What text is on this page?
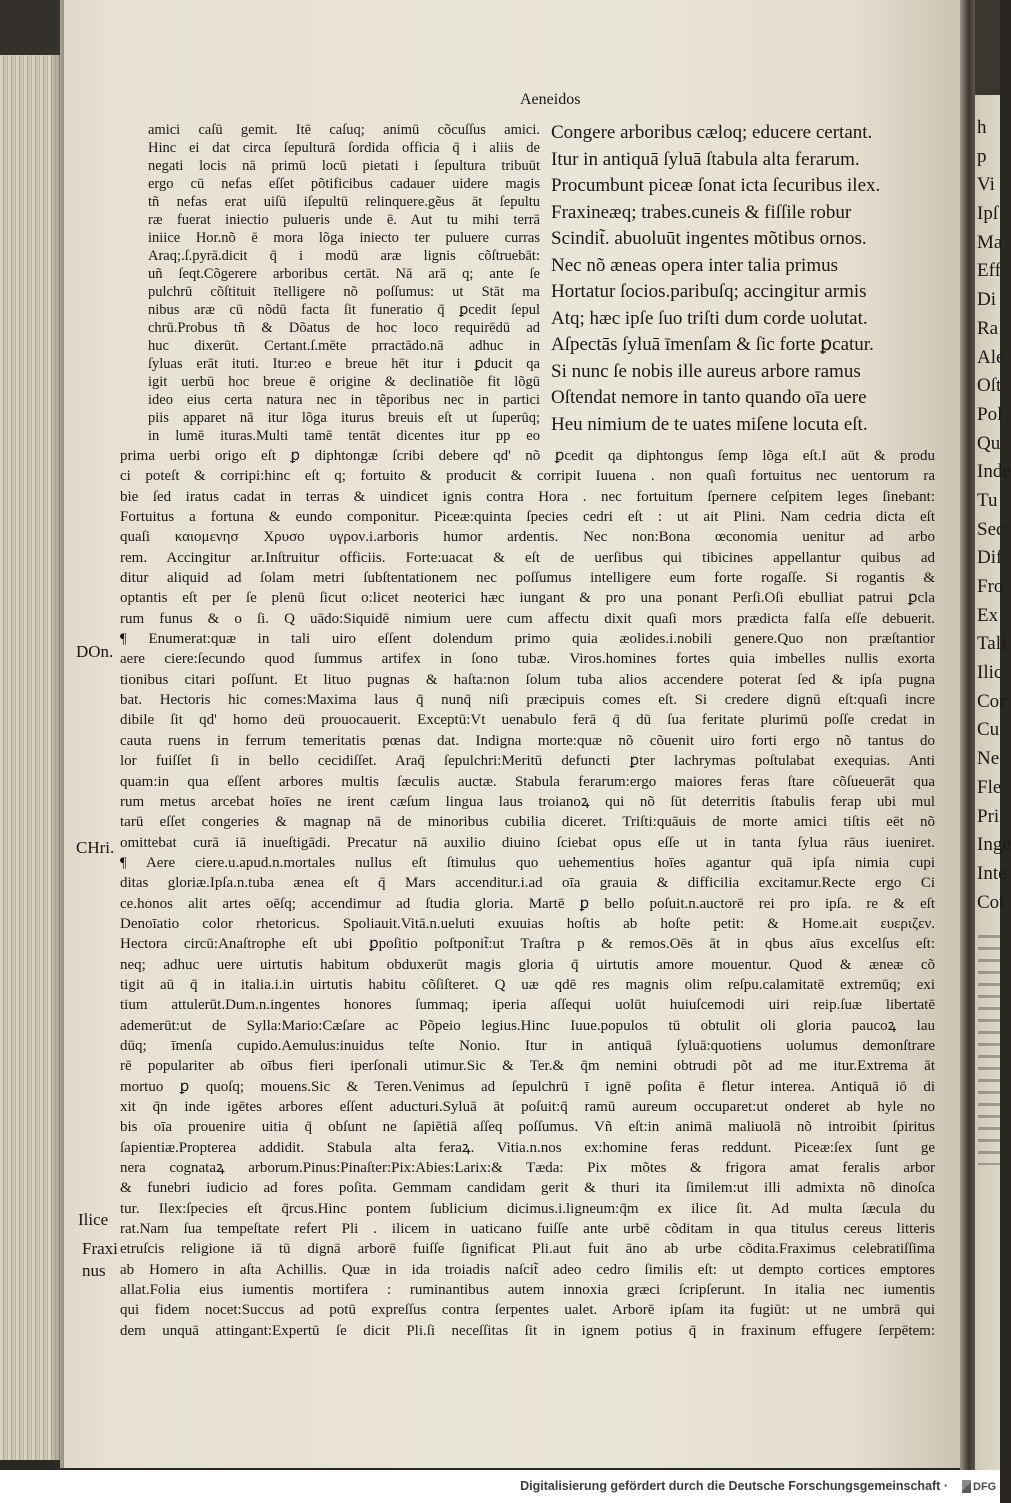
Aeneidos
amici caſū gemit. Itē caſuq; animū cõcuſſus amici.
Hinc ei dat circa ſepulturā ſordida officia q̄ i aliis de
negati locis nā primū locū pietati i ſepultura tribuūt
ergo cū nefas eſſet põtificibus cadauer uidere magis
tñ nefas erat uiſū iſepultū relinquere.gẽus āt ſepultu
ræ fuerat iniectio pulueris unde ē. Aut tu mihi terrā
iniice Hor.nõ ē mora lõga iniecto ter puluere curras
Araq;.ſ.pyrā.dicit q̄ i modū aræ lignis cõſtruebāt:
uñ ſeqt.Cõgerere arboribus certāt. Nā arā q; ante ſe
pulchrū cõſtituit ītelligere nõ poſſumus: ut Stāt ma
nibus aræ cū nõdū facta ſit funeratio q̄ ꝑcedit ſepul
chrū.Probus tñ & Dõatus de hoc loco requirēdū ad
huc dixerūt. Certant.ſ.mēte prractādo.nā adhuc in
ſyluas erāt ituti. Itur:eo e breue hēt itur i ꝑducit qa
igit uerbū hoc breue ē origine & declinatiõe fit lõgū
ideo eius certa natura nec in tẽporibus nec in partici
piis apparet nā itur lõga iturus breuis eſt ut ſuperūq;
in lumē ituras.Multi tamē tentāt dicentes itur pp eo
Congere arboribus cæloq; educere certant.
Itur in antiquā ſyluā ſtabula alta ferarum.
Procumbunt piceæ ſonat icta ſecuribus ilex.
Fraxineæq; trabes.cuneis & fiſſile robur
Scindit̃. abuoluūt ingentes mõtibus ornos.
Nec nõ æneas opera inter talia primus
Hortatur ſocios.paribuſq; accingitur armis
Atq; hæc ipſe ſuo triſti dum corde uolutat.
Aſpectās ſyluā īmenſam & ſic forte ꝑcatur.
Si nunc ſe nobis ille aureus arbore ramus
Oſtendat nemore in tanto quando oīa uere
Heu nimium de te uates miſene locuta eſt.
prima uerbi origo eſt ꝑ diphtongæ ſcribi debere qd' nõ ꝑcedit qa diphtongus ſemp lõga eſt.I aūt & produ
ci poteſt & corripi:hinc eſt q; fortuito & producit & corripit Iuuena . non quaſi fortuitus nec uentorum ra
bie ſed iratus cadat in terras & uindicet ignis contra Hora . nec fortuitum ſpernere ceſpitem leges ſinebant:
Fortuitus a fortuna & eundo componitur. Piceæ:quinta ſpecies cedri eſt : ut ait Plini. Nam cedria dicta eſt
quaſi καιομενησ Χρυσο υγρον.i.arboris humor ardentis. Nec non:Bona œconomia uenitur ad arbo
rem. Accingitur ar.Inſtruitur officiis. Forte:uacat & eſt de uerſibus qui tibicines appellantur quibus ad
ditur aliquid ad ſolam metri ſubſtentationem nec poſſumus intelligere eum forte rogaſſe. Si rogantis &
optantis eſt per ſe plenū ſicut o:licet neoterici hæc iungant & pro una ponant Perſi.Oſi ebulliat patrui ꝑcla
rum funus & o ſi. Q uādo:Siquidē nimium uere cum affectu dixit quaſi mors prædicta falſa eſſe debuerit.
¶ Enumerat:quæ in tali uiro eſſent dolendum primo quia æolides.i.nobili genere.Quo non præſtantior
aere ciere:ſecundo quod ſummus artifex in ſono tubæ. Viros.homines fortes quia imbelles nullis exorta
tionibus citari poſſunt. Et lituo pugnas & haſta:non ſolum tuba alios accendere poterat ſed & ipſa pugna
bat. Hectoris hic comes:Maxima laus q̄ nunq̄ niſi præcipuis comes eſt. Si credere dignū eſt:quaſi incre
dibile ſit qd' homo deū prouocauerit. Exceptū:Vt uenabulo ferā q̄ dū ſua feritate plurimū poſſe credat in
cauta ruens in ferrum temeritatis pœnas dat. Indigna morte:quæ nõ cõuenit uiro forti ergo nõ tantus do
lor fuiſſet ſi in bello cecidiſſet. Araq̄ ſepulchri:Meritū defuncti ꝑter lachrymas poſtulabat exequias. Anti
quam:in qua eſſent arbores multis ſæculis auctæ. Stabula ferarum:ergo maiores feras ſtare cõſueuerāt qua
rum metus arcebat hoīes ne irent cæſum lingua laus troianoꝝ qui nõ ſūt deterritis ſtabulis ferap ubi mul
tarū eſſet congeries & magnap nā de minoribus cubilia diceret. Triſti:quāuis de morte amici tiſtis eēt nõ
omittebat curā iā inueſtigādi. Precatur nā auxilio diuino ſciebat opus eſſe ut in tanta ſylua rāus iueniret.
¶ Aere ciere.u.apud.n.mortales nullus eſt ſtimulus quo uehementius hoīes agantur quā ipſa nimia cupi
ditas gloriæ.Ipſa.n.tuba ænea eſt q̄ Mars accenditur.i.ad oīa grauia & difficilia excitamur.Recte ergo Ci
ce.honos alit artes oēſq; accendimur ad ſtudia gloria. Martē ꝑ bello poſuit.n.auctorē rei pro ipſa. re & eſt
Denoīatio color rhetoricus. Spoliauit.Vitā.n.ueluti exuuias hoſtis ab hoſte petit: & Home.ait ευεριζεν.
Hectora circū:Anaſtrophe eſt ubi ꝑpoſitio poſtponit̃:ut Traſtra p & remos.Oēs āt in qbus aīus excelſus eſt:
neq; adhuc uere uirtutis habitum obduxerūt magis gloria q̄ uirtutis amore mouentur. Quod & æneæ cõ
tigit aū q̄ in italia.i.in uirtutis habitu cõſiſteret. Q uæ qdē res magnis olim reſpu.calamitatē extremūq; exi
tium attulerūt.Dum.n.ingentes honores ſummaq; iperia aſſequi uolūt huiuſcemodi uiri reip.ſuæ libertatē
ademerūt:ut de Sylla:Mario:Cæſare ac Põpeio legius.Hinc Iuue.populos tū obtulit oli gloria paucoꝝ lau
dūq; īmenſa cupido.Aemulus:inuidus teſte Nonio. Itur in antiquā ſyluā:quotiens uolumus demonſtrare
rē populariter ab oībus fieri iperſonali utimur.Sic & Ter.& q̄m nemini obtrudi põt ad me itur.Extrema āt
mortuo ꝑ quoſq; mouens.Sic & Teren.Venimus ad ſepulchrū ī ignē poſita ē fletur interea. Antiquā iō di
xit q̄n inde igētes arbores eſſent aducturi.Syluā āt poſuit:q̄ ramū aureum occuparet:ut onderet ab hyle no
bis oīa prouenire uitia q̄ obſunt ne ſapiētiā aſſeq poſſumus. Vñ eſt:in animā maliuolā nõ introibit ſpiritus
ſapientiæ.Propterea addidit. Stabula alta feraꝝ. Vitia.n.nos ex:homine feras reddunt. Piceæ:ſex ſunt ge
nera cognataꝝ arborum.Pinus:Pinaſter:Pix:Abies:Larix:& Tæda: Pix mõtes & frigora amat feralis arbor
& funebri iudicio ad fores poſita. Gemmam candidam gerit & thuri ita ſimilem:ut illi admixta nõ dinoſca
tur. Ilex:ſpecies eſt q̄rcus.Hinc pontem ſublicium dicimus.i.ligneum:q̄m ex ilice ſit. Ad multa ſæcula du
rat.Nam ſua tempeſtate refert Pli . ilicem in uaticano fuiſſe ante urbē cõditam in qua titulus cereus litteris
etruſcis religione iā tū dignā arborē fuiſſe ſignificat Pli.aut fuit āno ab urbe cõdita.Fraximus celebratiſſima
ab Homero in aſta Achillis. Quæ in ida troiadis naſcit̃ adeo cedro ſimilis eſt: ut dempto cortices emptores
allat.Folia eius iumentis mortifera : ruminantibus autem innoxia græci ſcripſerunt. In italia nec iumentis
qui fidem nocet:Succus ad potū expreſſus contra ſerpentes ualet. Arborē ipſam ita fugiūt: ut ne umbrā qui
dem unquā attingant:Expertū ſe dicit Pli.ſi neceſſitas ſit in ignem potius q̄ in fraxinum effugere ſerpētem:
DOn.
CHri.
Ilice
Fraxi
nus
h
p
Vi
Ipſ
Ma
Eff
Di
Ra
Ale
Oſt
Pol
Qu
Inde
Tu
Sec
Dif
Fro
Ex
Tali
Ilic
Cor
Cu
Ne
Fle
Pri
Inge
Inte
Cot
Digitalisierung gefördert durch die Deutsche Forschungsgemeinschaft · DFG
